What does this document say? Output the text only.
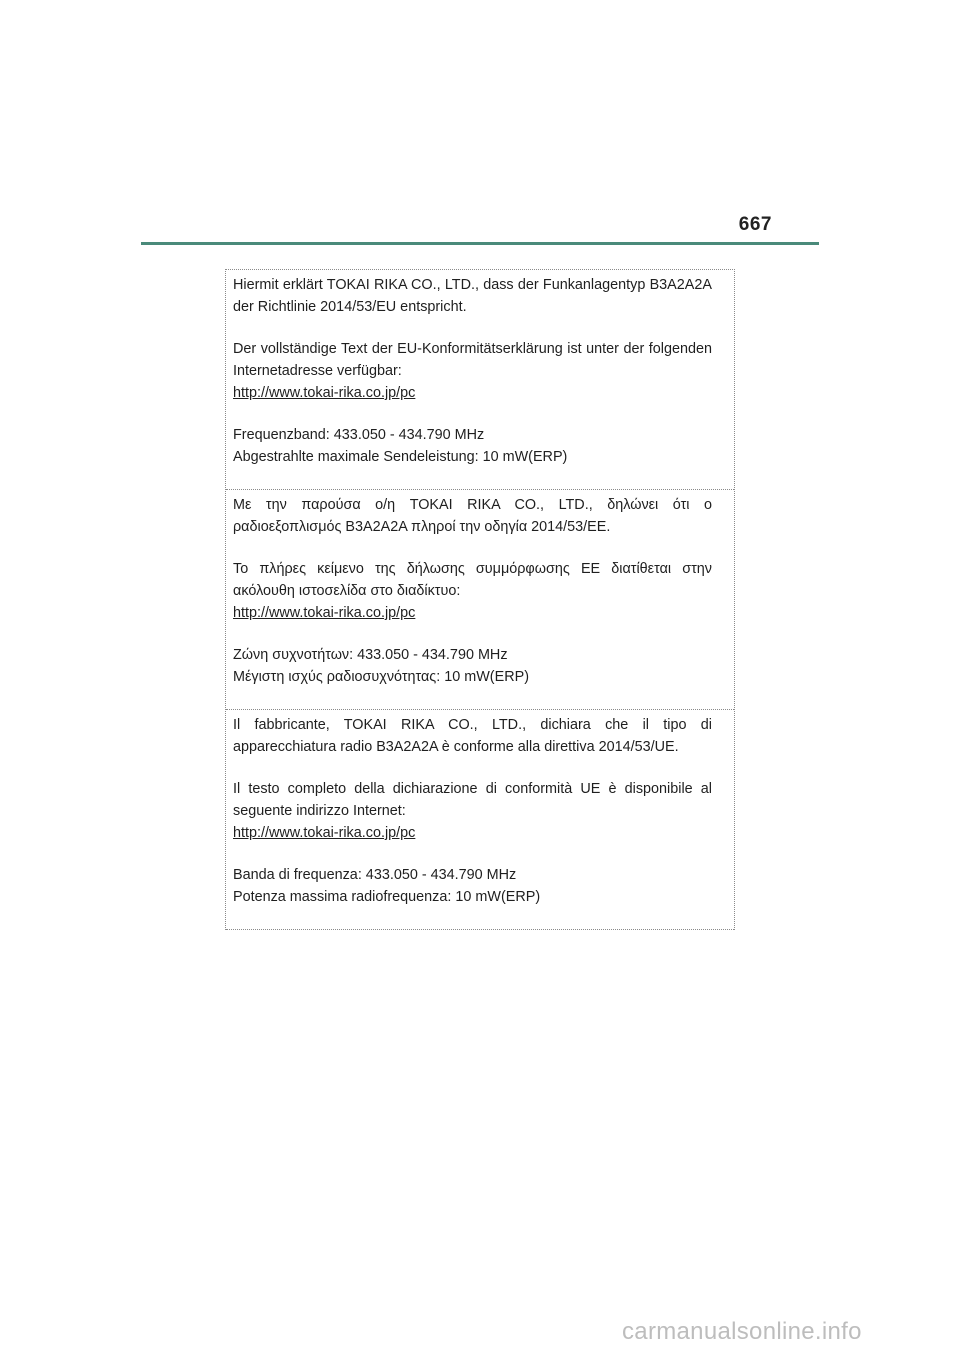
667

Hiermit erklärt TOKAI RIKA CO., LTD., dass der Funkanlagentyp B3A2A2A der Richtlinie 2014/53/EU entspricht.

Der vollständige Text der EU-Konformitätserklärung ist unter der folgenden Internetadresse verfügbar:

http://www.tokai-rika.co.jp/pc

Frequenzband: 433.050 - 434.790 MHz

Abgestrahlte maximale Sendeleistung: 10 mW(ERP)

Με την παρούσα ο/η TOKAI RIKA CO., LTD., δηλώνει ότι ο ραδιοεξοπλισμός B3A2A2A πληροί την οδηγία 2014/53/ΕΕ.

Το πλήρες κείμενο της δήλωσης συμμόρφωσης ΕΕ διατίθεται στην ακόλουθη ιστοσελίδα στο διαδίκτυο:

http://www.tokai-rika.co.jp/pc

Ζώνη συχνοτήτων: 433.050 - 434.790 MHz

Μέγιστη ισχύς ραδιοσυχνότητας: 10 mW(ERP)

Il fabbricante, TOKAI RIKA CO., LTD., dichiara che il tipo di apparecchiatura radio B3A2A2A è conforme alla direttiva 2014/53/UE.

Il testo completo della dichiarazione di conformità UE è disponibile al seguente indirizzo Internet:

http://www.tokai-rika.co.jp/pc

Banda di frequenza: 433.050 - 434.790 MHz

Potenza massima radiofrequenza: 10 mW(ERP)

carmanualsonline.info
